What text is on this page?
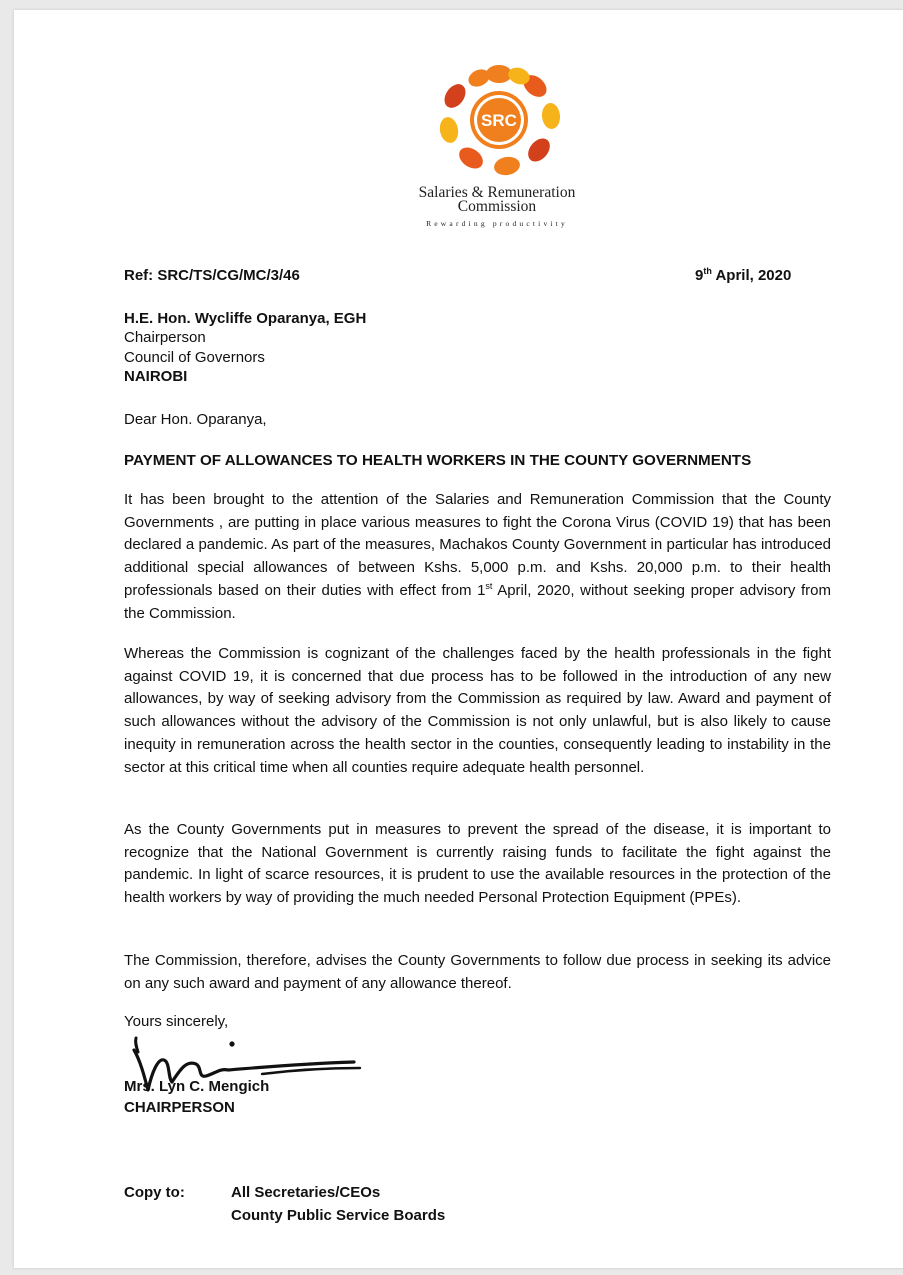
SRC
Salaries & Remuneration
Commission
Rewarding productivity
Ref: SRC/TS/CG/MC/3/46	9th April, 2020
H.E. Hon. Wycliffe Oparanya, EGH
Chairperson
Council of Governors
NAIROBI
Dear Hon. Oparanya,
PAYMENT OF ALLOWANCES TO HEALTH WORKERS IN THE COUNTY GOVERNMENTS

It has been brought to the attention of the Salaries and Remuneration Commission that the County Governments , are putting in place various measures to fight the Corona Virus (COVID 19) that has been declared a pandemic. As part of the measures, Machakos County Government in particular has introduced additional special allowances of between Kshs. 5,000 p.m. and Kshs. 20,000 p.m. to their health professionals based on their duties with effect from 1st April, 2020, without seeking proper advisory from the Commission.

Whereas the Commission is cognizant of the challenges faced by the health professionals in the fight against COVID 19, it is concerned that due process has to be followed in the introduction of any new allowances, by way of seeking advisory from the Commission as required by law. Award and payment of such allowances without the advisory of the Commission is not only unlawful, but is also likely to cause inequity in remuneration across the health sector in the counties, consequently leading to instability in the sector at this critical time when all counties require adequate health personnel.

As the County Governments put in measures to prevent the spread of the disease, it is important to recognize that the National Government is currently raising funds to facilitate the fight against the pandemic. In light of scarce resources, it is prudent to use the available resources in the protection of the health workers by way of providing the much needed Personal Protection Equipment (PPEs).

The Commission, therefore, advises the County Governments to follow due process in seeking its advice on any such award and payment of any allowance thereof.

Yours sincerely,
Mrs. Lyn C. Mengich
CHAIRPERSON
Copy to:	All Secretaries/CEOs
County Public Service Boards
